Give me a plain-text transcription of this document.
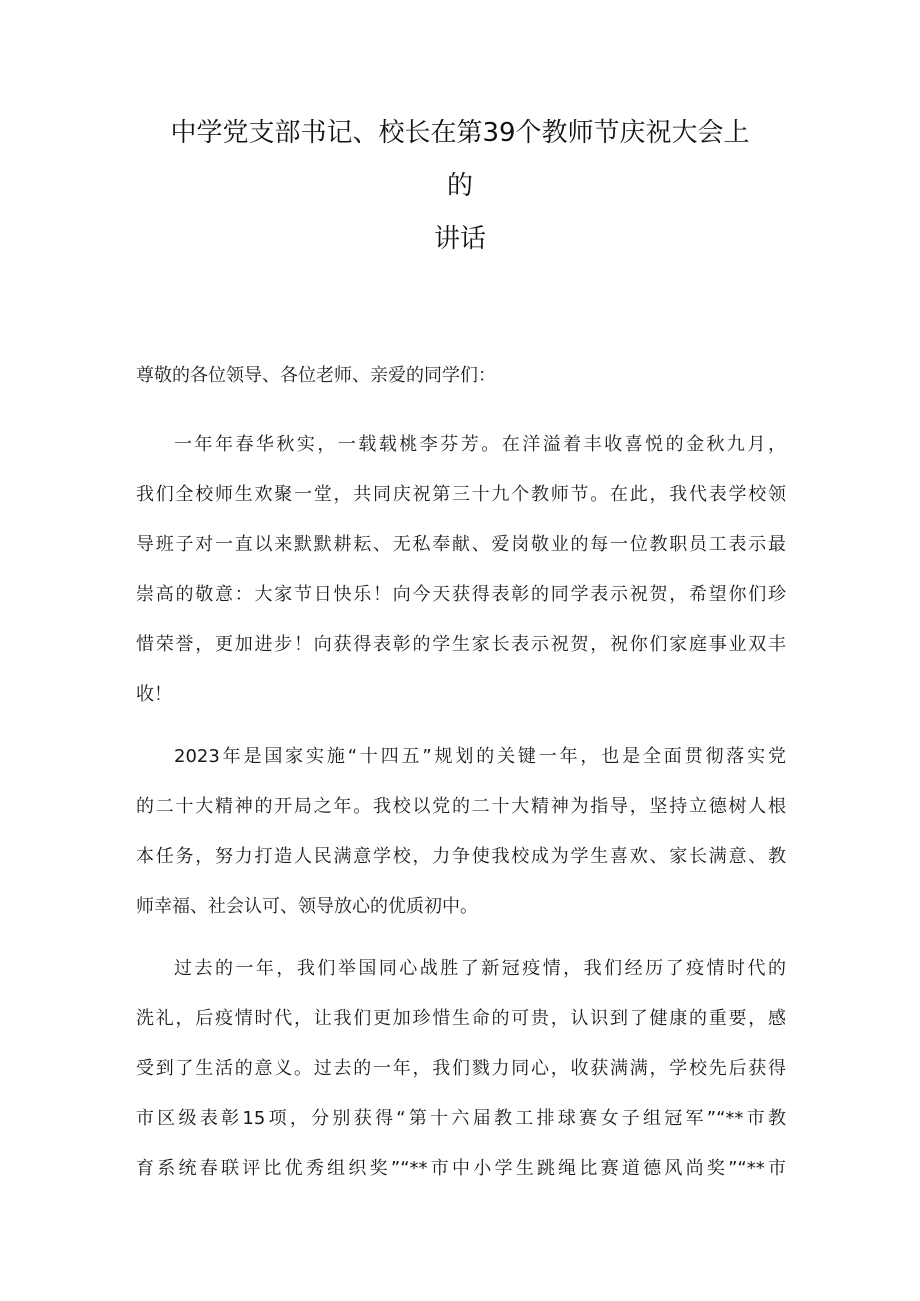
中学党支部书记、校长在第39个教师节庆祝大会上
的
讲话
尊敬的各位领导、各位老师、亲爱的同学们：
一年年春华秋实，一载载桃李芬芳。在洋溢着丰收喜悦的金秋九月，
我们全校师生欢聚一堂，共同庆祝第三十九个教师节。在此，我代表学校领
导班子对一直以来默默耕耘、无私奉献、爱岗敬业的每一位教职员工表示最
崇高的敬意：大家节日快乐！向今天获得表彰的同学表示祝贺，希望你们珍
惜荣誉，更加进步！向获得表彰的学生家长表示祝贺，祝你们家庭事业双丰
收！
2023年是国家实施“十四五”规划的关键一年，也是全面贯彻落实党
的二十大精神的开局之年。我校以党的二十大精神为指导，坚持立德树人根
本任务，努力打造人民满意学校，力争使我校成为学生喜欢、家长满意、教
师幸福、社会认可、领导放心的优质初中。
过去的一年，我们举国同心战胜了新冠疫情，我们经历了疫情时代的
洗礼，后疫情时代，让我们更加珍惜生命的可贵，认识到了健康的重要，感
受到了生活的意义。过去的一年，我们戮力同心，收获满满，学校先后获得
市区级表彰15项，分别获得“第十六届教工排球赛女子组冠军”“**市教
育系统春联评比优秀组织奖”“**市中小学生跳绳比赛道德风尚奖”“**市
